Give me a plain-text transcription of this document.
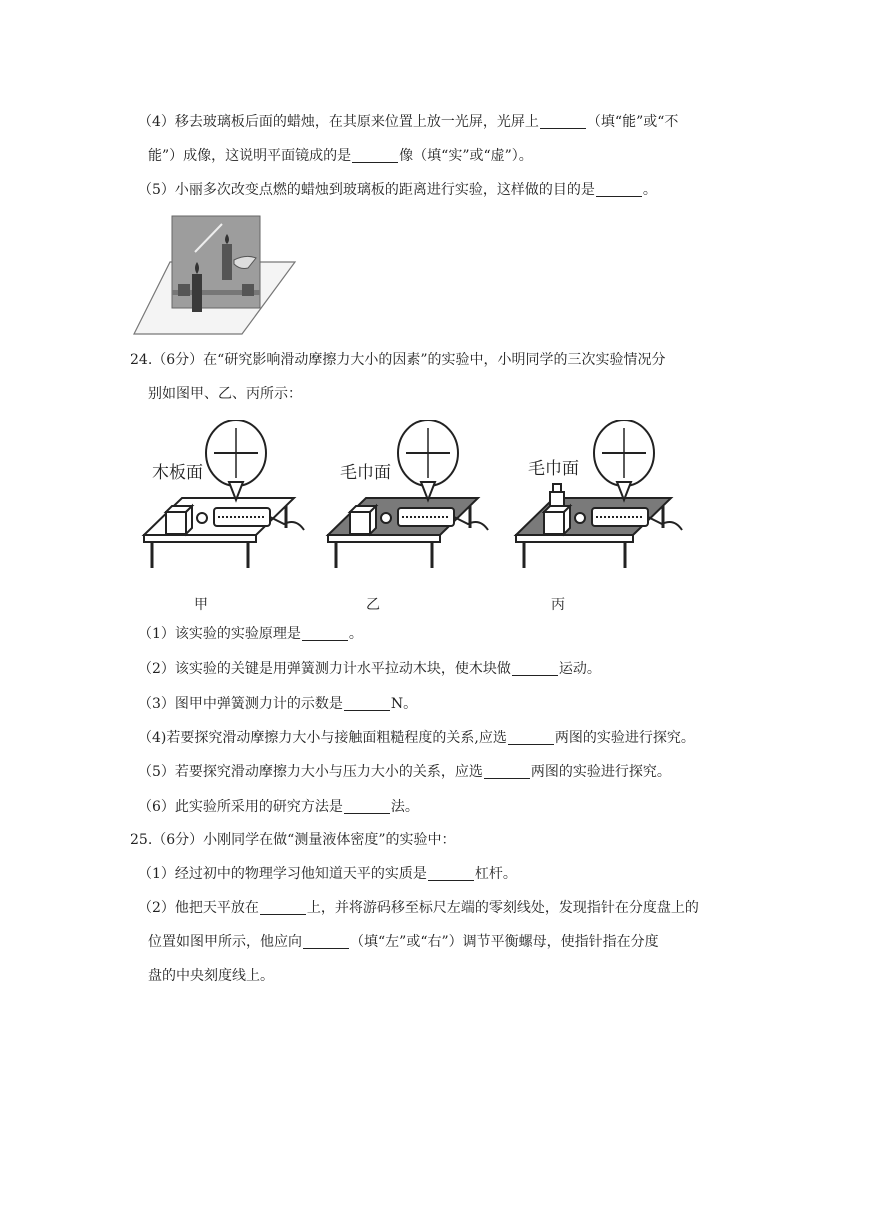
（4）移去玻璃板后面的蜡烛，在其原来位置上放一光屏，光屏上	（填“能”或“不
能”）成像，这说明平面镜成的是	像（填“实”或“虚”）。
（5）小丽多次改变点燃的蜡烛到玻璃板的距离进行实验，这样做的目的是	。
24.（6分）在“研究影响滑动摩擦力大小的因素”的实验中，小明同学的三次实验情况分
别如图甲、乙、丙所示：
木板面	毛巾面	毛巾面
甲	乙	丙
（1）该实验的实验原理是	。
（2）该实验的关键是用弹簧测力计水平拉动木块，使木块做	运动。
（3）图甲中弹簧测力计的示数是	N。
（4)若要探究滑动摩擦力大小与接触面粗糙程度的关系,应选	两图的实验进行探究。
（5）若要探究滑动摩擦力大小与压力大小的关系，应选	两图的实验进行探究。
（6）此实验所采用的研究方法是	法。
25.（6分）小刚同学在做“测量液体密度”的实验中：
（1）经过初中的物理学习他知道天平的实质是	杠杆。
（2）他把天平放在	上，并将游码移至标尺左端的零刻线处，发现指针在分度盘上的
位置如图甲所示，他应向	（填“左”或“右”）调节平衡螺母，使指针指在分度
盘的中央刻度线上。
